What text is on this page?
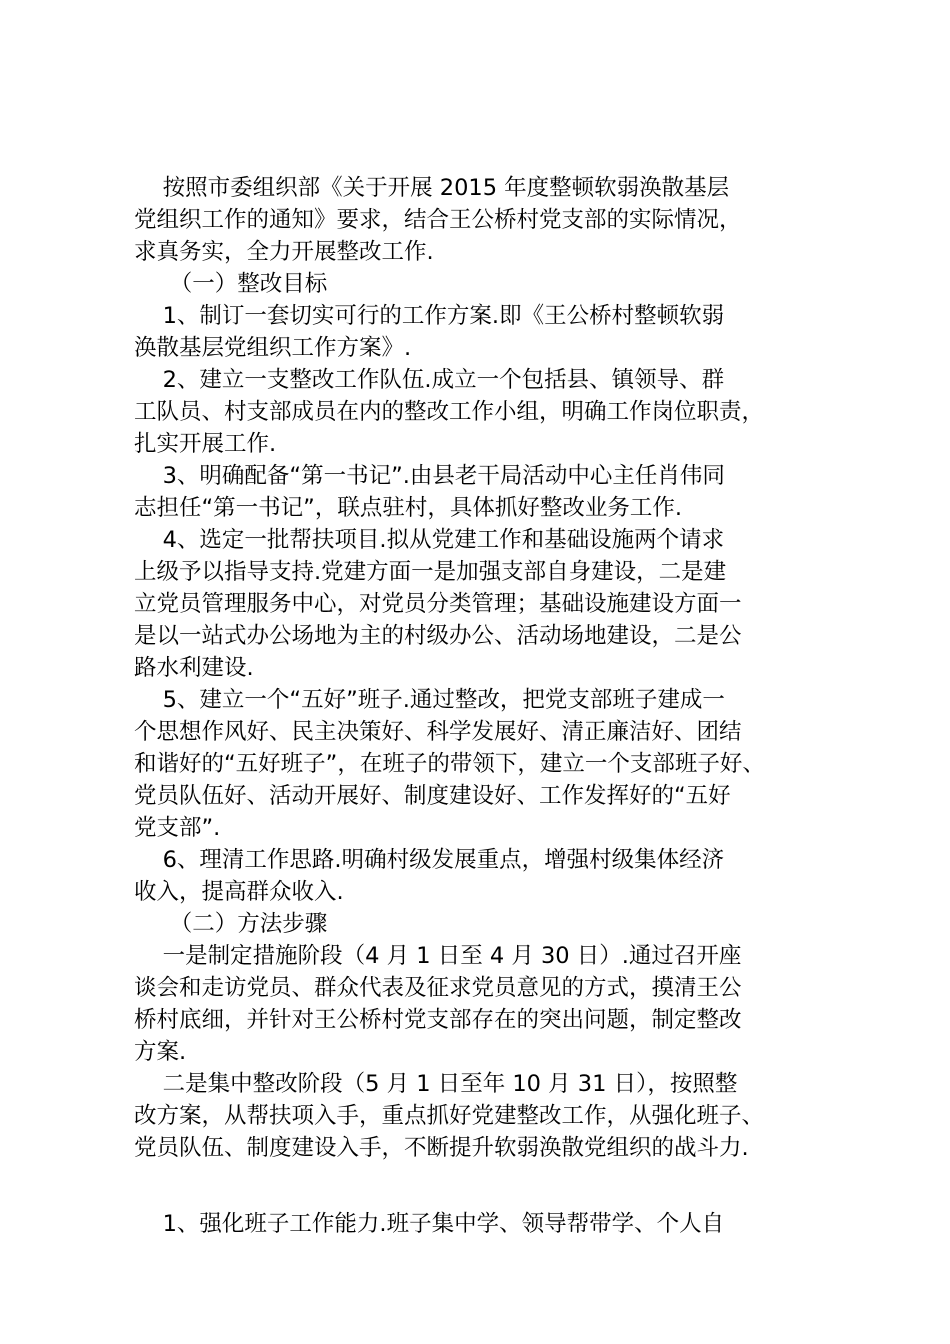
按照市委组织部《关于开展 2015 年度整顿软弱涣散基层
党组织工作的通知》要求，结合王公桥村党支部的实际情况，
求真务实，全力开展整改工作.
（一）整改目标
1、制订一套切实可行的工作方案.即《王公桥村整顿软弱
涣散基层党组织工作方案》.
2、建立一支整改工作队伍.成立一个包括县、镇领导、群
工队员、村支部成员在内的整改工作小组，明确工作岗位职责，
扎实开展工作.
3、明确配备“第一书记”.由县老干局活动中心主任肖伟同
志担任“第一书记”，联点驻村，具体抓好整改业务工作.
4、选定一批帮扶项目.拟从党建工作和基础设施两个请求
上级予以指导支持.党建方面一是加强支部自身建设，二是建
立党员管理服务中心，对党员分类管理；基础设施建设方面一
是以一站式办公场地为主的村级办公、活动场地建设，二是公
路水利建设.
5、建立一个“五好”班子.通过整改，把党支部班子建成一
个思想作风好、民主决策好、科学发展好、清正廉洁好、团结
和谐好的“五好班子”，在班子的带领下，建立一个支部班子好、
党员队伍好、活动开展好、制度建设好、工作发挥好的“五好
党支部”.
6、理清工作思路.明确村级发展重点，增强村级集体经济
收入，提高群众收入.
（二）方法步骤
一是制定措施阶段（4 月 1 日至 4 月 30 日）.通过召开座
谈会和走访党员、群众代表及征求党员意见的方式，摸清王公
桥村底细，并针对王公桥村党支部存在的突出问题，制定整改
方案.
二是集中整改阶段（5 月 1 日至年 10 月 31 日），按照整
改方案，从帮扶项入手，重点抓好党建整改工作，从强化班子、
党员队伍、制度建设入手，不断提升软弱涣散党组织的战斗力.
1、强化班子工作能力.班子集中学、领导帮带学、个人自
